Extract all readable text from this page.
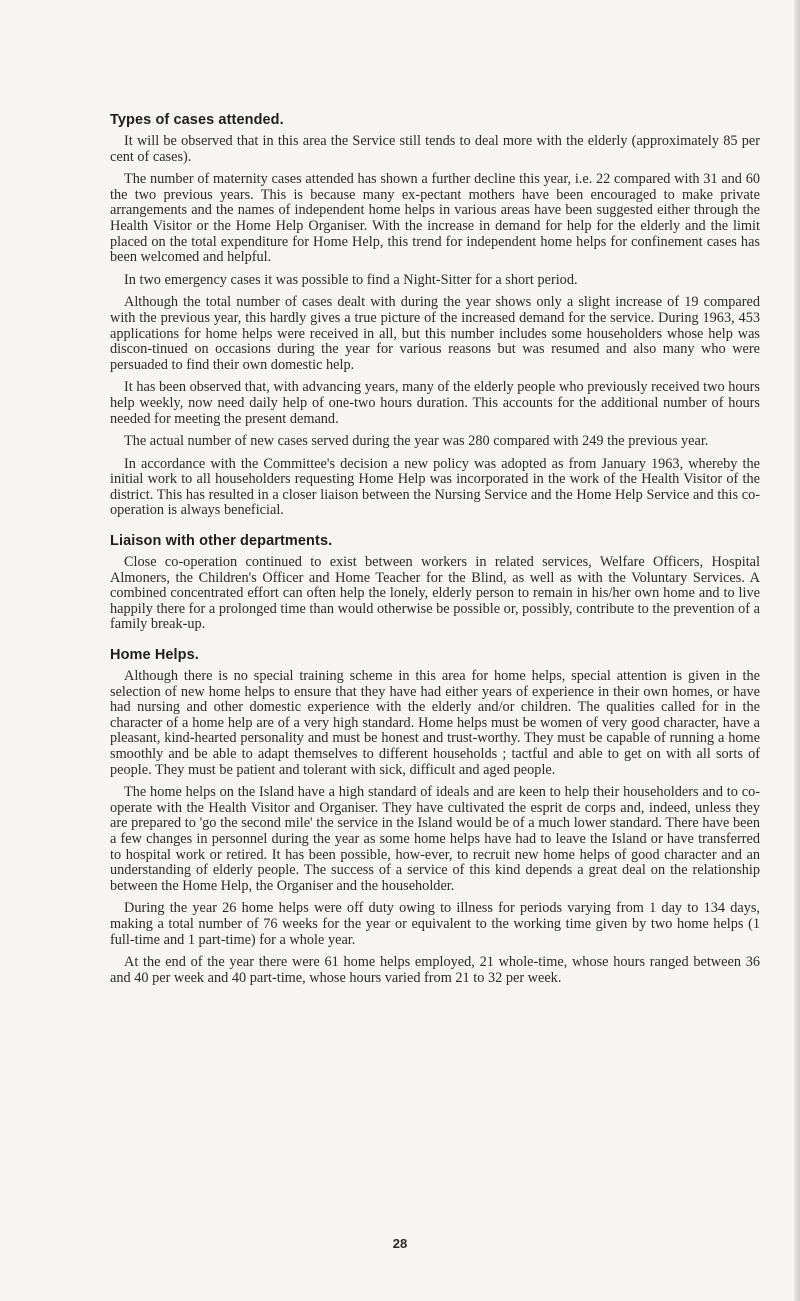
Types of cases attended.

It will be observed that in this area the Service still tends to deal more with the elderly (approximately 85 per cent of cases).

The number of maternity cases attended has shown a further decline this year, i.e. 22 compared with 31 and 60 the two previous years. This is because many ex-pectant mothers have been encouraged to make private arrangements and the names of independent home helps in various areas have been suggested either through the Health Visitor or the Home Help Organiser. With the increase in demand for help for the elderly and the limit placed on the total expenditure for Home Help, this trend for independent home helps for confinement cases has been welcomed and helpful.

In two emergency cases it was possible to find a Night-Sitter for a short period.

Although the total number of cases dealt with during the year shows only a slight increase of 19 compared with the previous year, this hardly gives a true picture of the increased demand for the service. During 1963, 453 applications for home helps were received in all, but this number includes some householders whose help was discon-tinued on occasions during the year for various reasons but was resumed and also many who were persuaded to find their own domestic help.

It has been observed that, with advancing years, many of the elderly people who previously received two hours help weekly, now need daily help of one-two hours duration. This accounts for the additional number of hours needed for meeting the present demand.

The actual number of new cases served during the year was 280 compared with 249 the previous year.

In accordance with the Committee's decision a new policy was adopted as from January 1963, whereby the initial work to all householders requesting Home Help was incorporated in the work of the Health Visitor of the district. This has resulted in a closer liaison between the Nursing Service and the Home Help Service and this co-operation is always beneficial.

Liaison with other departments.

Close co-operation continued to exist between workers in related services, Welfare Officers, Hospital Almoners, the Children's Officer and Home Teacher for the Blind, as well as with the Voluntary Services. A combined concentrated effort can often help the lonely, elderly person to remain in his/her own home and to live happily there for a prolonged time than would otherwise be possible or, possibly, contribute to the prevention of a family break-up.

Home Helps.

Although there is no special training scheme in this area for home helps, special attention is given in the selection of new home helps to ensure that they have had either years of experience in their own homes, or have had nursing and other domestic experience with the elderly and/or children. The qualities called for in the character of a home help are of a very high standard. Home helps must be women of very good character, have a pleasant, kind-hearted personality and must be honest and trust-worthy. They must be capable of running a home smoothly and be able to adapt themselves to different households ; tactful and able to get on with all sorts of people. They must be patient and tolerant with sick, difficult and aged people.

The home helps on the Island have a high standard of ideals and are keen to help their householders and to co-operate with the Health Visitor and Organiser. They have cultivated the esprit de corps and, indeed, unless they are prepared to 'go the second mile' the service in the Island would be of a much lower standard. There have been a few changes in personnel during the year as some home helps have had to leave the Island or have transferred to hospital work or retired. It has been possible, how-ever, to recruit new home helps of good character and an understanding of elderly people. The success of a service of this kind depends a great deal on the relationship between the Home Help, the Organiser and the householder.

During the year 26 home helps were off duty owing to illness for periods varying from 1 day to 134 days, making a total number of 76 weeks for the year or equivalent to the working time given by two home helps (1 full-time and 1 part-time) for a whole year.

At the end of the year there were 61 home helps employed, 21 whole-time, whose hours ranged between 36 and 40 per week and 40 part-time, whose hours varied from 21 to 32 per week.

28
